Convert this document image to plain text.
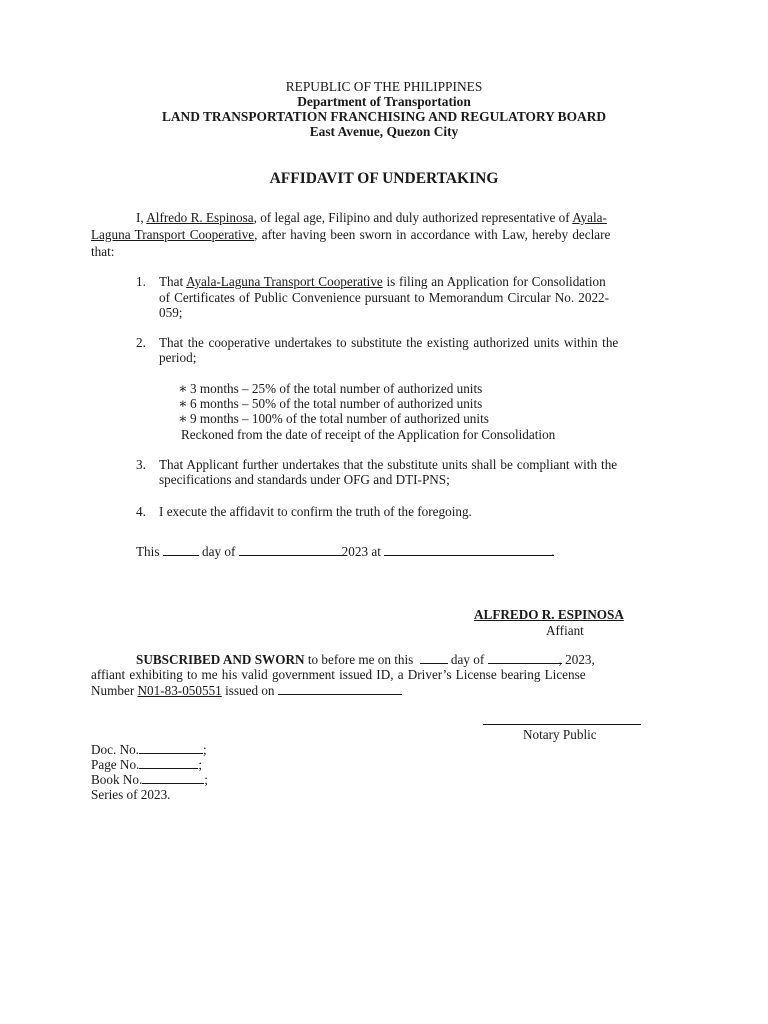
REPUBLIC OF THE PHILIPPINES
Department of Transportation
LAND TRANSPORTATION FRANCHISING AND REGULATORY BOARD
East Avenue, Quezon City
AFFIDAVIT OF UNDERTAKING
I, Alfredo R. Espinosa, of legal age, Filipino and duly authorized representative of Ayala-
Laguna Transport Cooperative, after having been sworn in accordance with Law, hereby declare
that:
1. That Ayala-Laguna Transport Cooperative is filing an Application for Consolidation
of Certificates of Public Convenience pursuant to Memorandum Circular No. 2022-
059;
2. That the cooperative undertakes to substitute the existing authorized units within the
period;
∗ 3 months – 25% of the total number of authorized units
∗ 6 months – 50% of the total number of authorized units
∗ 9 months – 100% of the total number of authorized units
Reckoned from the date of receipt of the Application for Consolidation
3. That Applicant further undertakes that the substitute units shall be compliant with the
specifications and standards under OFG and DTI-PNS;
4. I execute the affidavit to confirm the truth of the foregoing.
This	day of	2023 at	.
ALFREDO R. ESPINOSA
Affiant
SUBSCRIBED AND SWORN to before me on this	day of	, 2023,
affiant exhibiting to me his valid government issued ID, a Driver’s License bearing License
Number N01-83-050551 issued on
Notary Public
Doc. No.	;
Page No.	;
Book No.	;
Series of 2023.
